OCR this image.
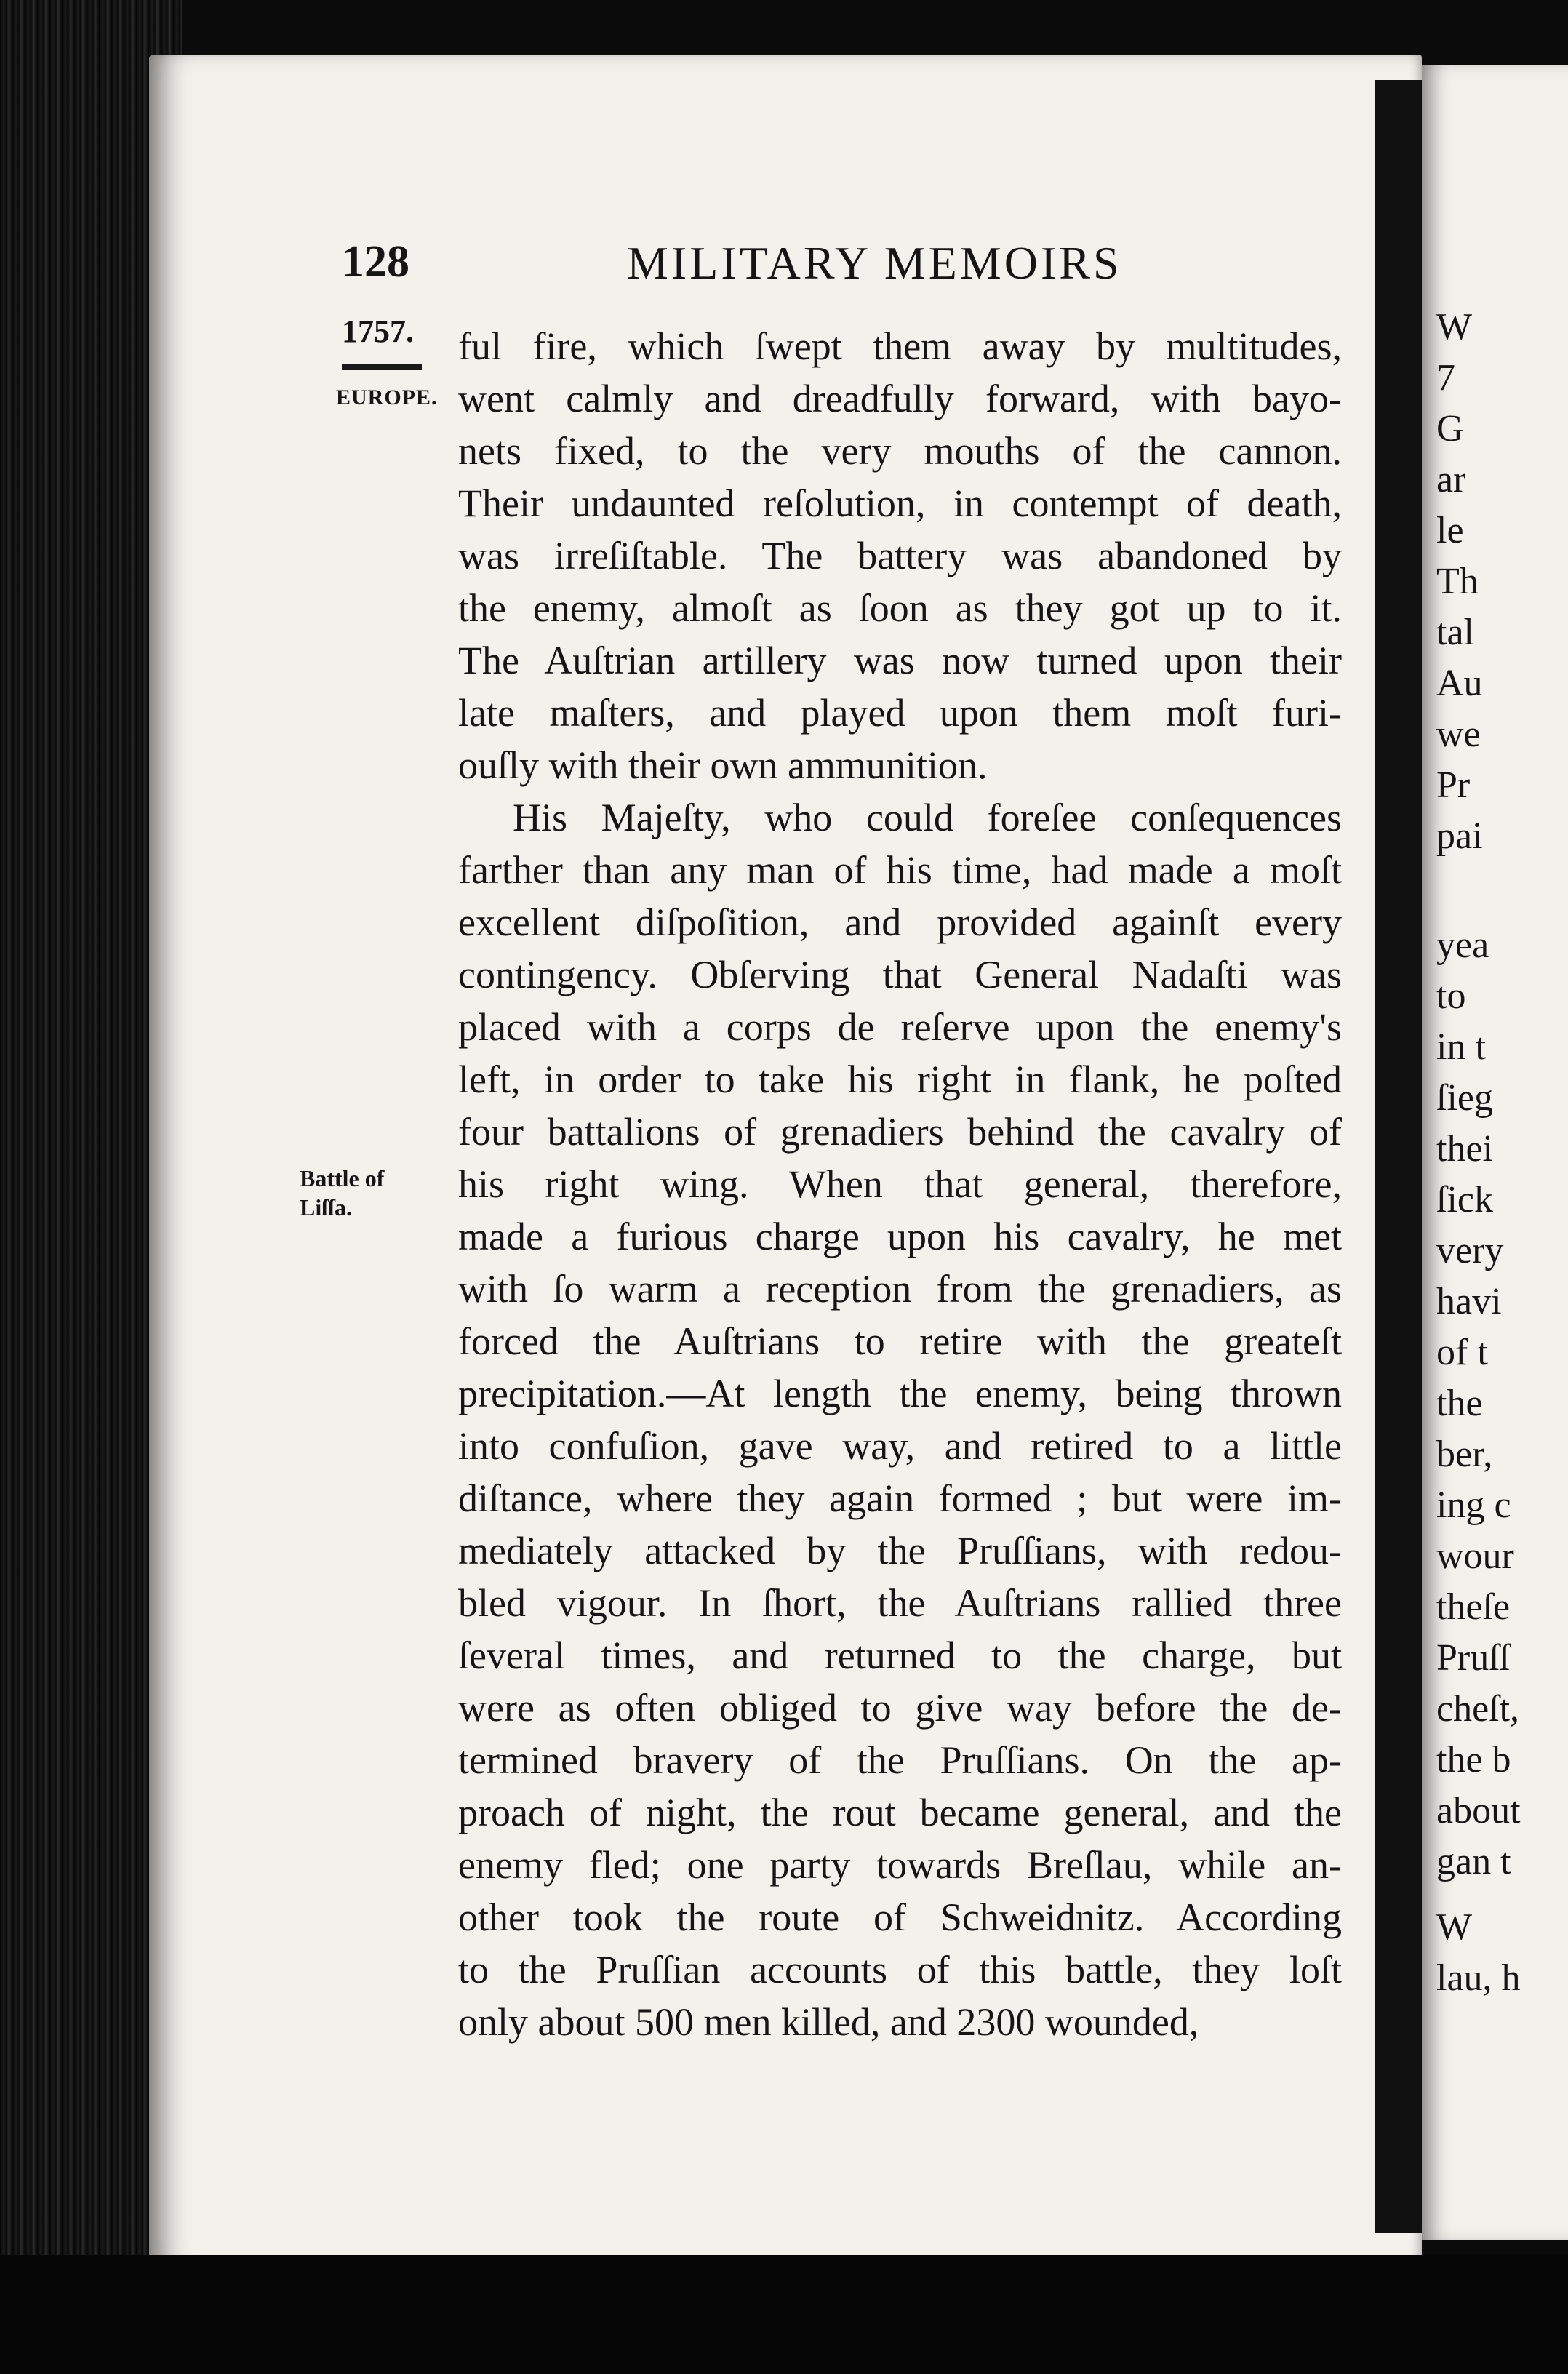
W
7
G
ar
le
Th
tal
Au
we
Pr
pai
yea
to
in t
ſieg
thei
ſick
very
havi
of t
the
ber,
ing c
wour
theſe
Pruſſ
cheſt,
the b
about
gan t
W
lau, h
128	MILITARY MEMOIRS
1757.
EUROPE.
Battle of
Liſſa.
ful fire, which ſwept them away by multitudes,
went calmly and dreadfully forward, with bayo-
nets fixed, to the very mouths of the cannon.
Their undaunted reſolution, in contempt of death,
was irreſiſtable. The battery was abandoned by
the enemy, almoſt as ſoon as they got up to it.
The Auſtrian artillery was now turned upon their
late maſters, and played upon them moſt furi-
ouſly with their own ammunition.
His Majeſty, who could foreſee conſequences
farther than any man of his time, had made a moſt
excellent diſpoſition, and provided againſt every
contingency. Obſerving that General Nadaſti was
placed with a corps de reſerve upon the enemy's
left, in order to take his right in flank, he poſted
four battalions of grenadiers behind the cavalry of
his right wing. When that general, therefore,
made a furious charge upon his cavalry, he met
with ſo warm a reception from the grenadiers, as
forced the Auſtrians to retire with the greateſt
precipitation.—At length the enemy, being thrown
into confuſion, gave way, and retired to a little
diſtance, where they again formed ; but were im-
mediately attacked by the Pruſſians, with redou-
bled vigour. In ſhort, the Auſtrians rallied three
ſeveral times, and returned to the charge, but
were as often obliged to give way before the de-
termined bravery of the Pruſſians. On the ap-
proach of night, the rout became general, and the
enemy fled; one party towards Breſlau, while an-
other took the route of Schweidnitz. According
to the Pruſſian accounts of this battle, they loſt
only about 500 men killed, and 2300 wounded,
